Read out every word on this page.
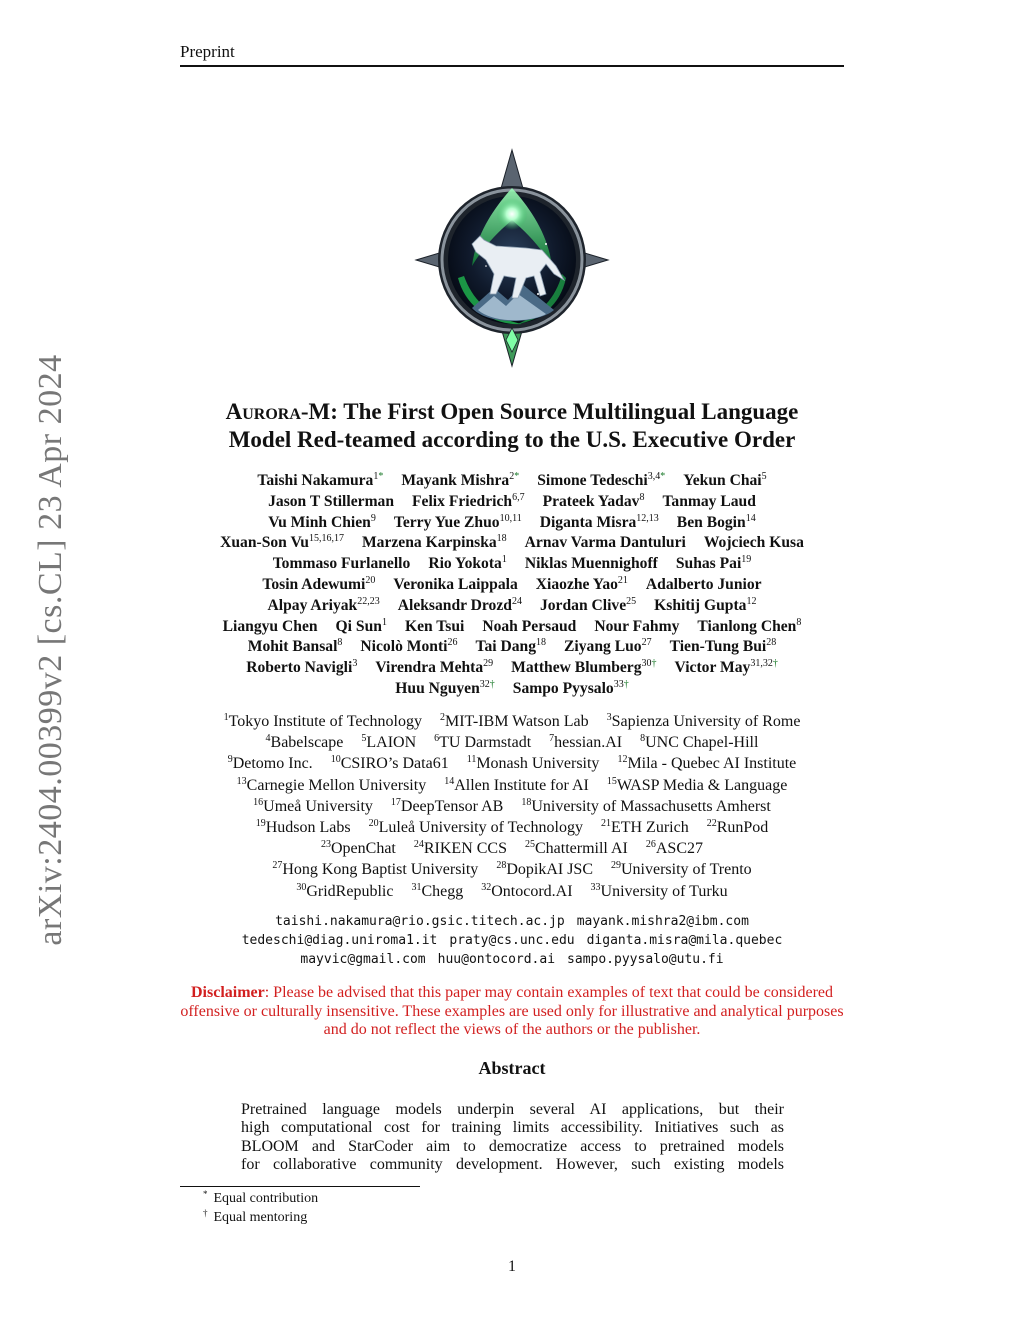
Preprint
arXiv:2404.00399v2 [cs.CL] 23 Apr 2024	Aurora-M: The First Open Source Multilingual Language
Model Red-teamed according to the U.S. Executive Order
Taishi Nakamura$^{1*}$ Mayank Mishra$^{2*}$ Simone Tedeschi$^{3,4*}$ Yekun Chai$^5$
Jason T Stillerman Felix Friedrich$^{6,7}$ Prateek Yadav$^8$ Tanmay Laud
Vu Minh Chien$^9$ Terry Yue Zhuo$^{10,11}$ Diganta Misra$^{12,13}$ Ben Bogin$^{14}$
Xuan-Son Vu$^{15,16,17}$ Marzena Karpinska$^{18}$ Arnav Varma Dantuluri Wojciech Kusa
Tommaso Furlanello Rio Yokota$^1$ Niklas Muennighoff Suhas Pai$^{19}$
Tosin Adewumi$^{20}$ Veronika Laippala Xiaozhe Yao$^{21}$ Adalberto Junior
Alpay Ariyak$^{22,23}$ Aleksandr Drozd$^{24}$ Jordan Clive$^{25}$ Kshitij Gupta$^{12}$
Liangyu Chen Qi Sun$^1$ Ken Tsui Noah Persaud Nour Fahmy Tianlong Chen$^8$
Mohit Bansal$^8$ Nicolò Monti$^{26}$ Tai Dang$^{18}$ Ziyang Luo$^{27}$ Tien-Tung Bui$^{28}$
Roberto Navigli$^3$ Virendra Mehta$^{29}$ Matthew Blumberg$^{30\dagger}$ Victor May$^{31,32\dagger}$
Huu Nguyen$^{32\dagger}$ Sampo Pyysalo$^{33\dagger}$
$^1$Tokyo Institute of Technology $^2$MIT-IBM Watson Lab $^3$Sapienza University of Rome
$^4$Babelscape $^5$LAION $^6$TU Darmstadt $^7$hessian.AI $^8$UNC Chapel-Hill
$^9$Detomo Inc. $^{10}$CSIRO’s Data61 $^{11}$Monash University $^{12}$Mila - Quebec AI Institute
$^{13}$Carnegie Mellon University $^{14}$Allen Institute for AI $^{15}$WASP Media & Language
$^{16}$Umeå University $^{17}$DeepTensor AB $^{18}$University of Massachusetts Amherst
$^{19}$Hudson Labs $^{20}$Luleå University of Technology $^{21}$ETH Zurich $^{22}$RunPod
$^{23}$OpenChat $^{24}$RIKEN CCS $^{25}$Chattermill AI $^{26}$ASC27
$^{27}$Hong Kong Baptist University $^{28}$DopikAI JSC $^{29}$University of Trento
$^{30}$GridRepublic $^{31}$Chegg $^{32}$Ontocord.AI $^{33}$University of Turku
taishi.nakamura@rio.gsic.titech.ac.jp mayank.mishra2@ibm.com
tedeschi@diag.uniroma1.it praty@cs.unc.edu diganta.misra@mila.quebec
mayvic@gmail.com huu@ontocord.ai sampo.pyysalo@utu.fi
Disclaimer: Please be advised that this paper may contain examples of text that could be considered offensive or culturally insensitive. These examples are used only for illustrative and analytical purposes and do not reflect the views of the authors or the publisher.
Abstract
Pretrained language models underpin several AI applications, but their
high computational cost for training limits accessibility. Initiatives such as
BLOOM and StarCoder aim to democratize access to pretrained models
for collaborative community development. However, such existing models
* Equal contribution
† Equal mentoring
1
